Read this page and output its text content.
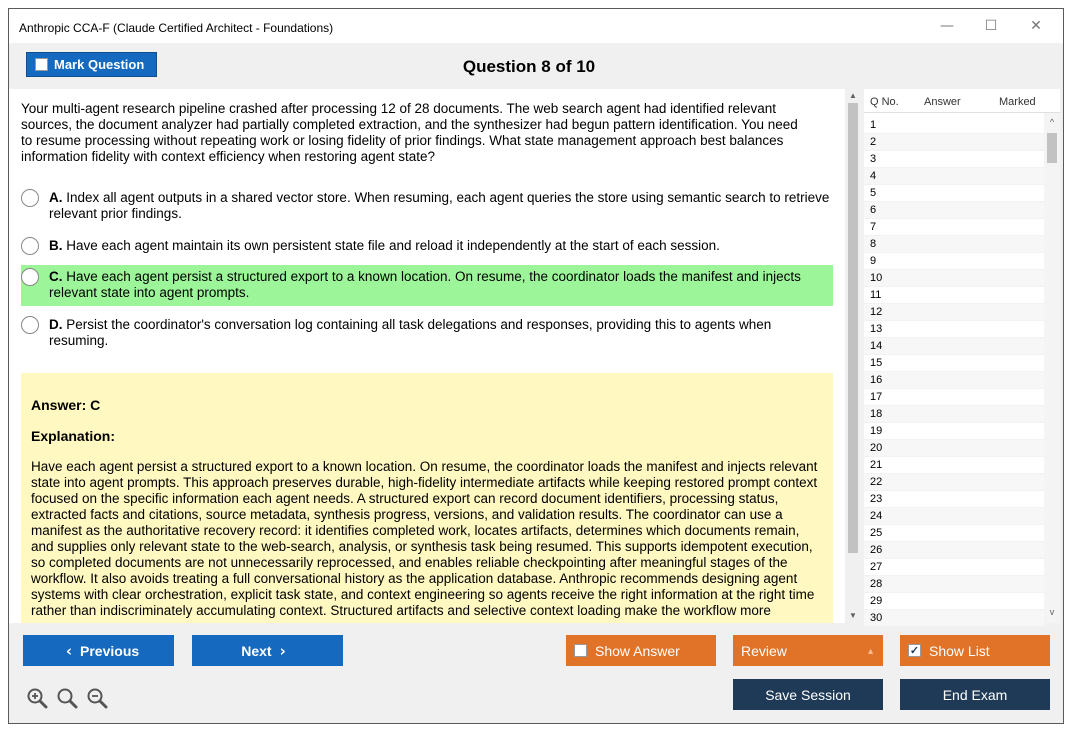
Anthropic CCA-F (Claude Certified Architect - Foundations)	—	☐	✕
Mark Question	Question 8 of 10
Your multi-agent research pipeline crashed after processing 12 of 28 documents. The web search agent had identified relevant sources, the document analyzer had partially completed extraction, and the synthesizer had begun pattern identification. You need to resume processing without repeating work or losing fidelity of prior findings. What state management approach best balances information fidelity with context efficiency when restoring agent state?
A. Index all agent outputs in a shared vector store. When resuming, each agent queries the store using semantic search to retrieve relevant prior findings.
B. Have each agent maintain its own persistent state file and reload it independently at the start of each session.
C. Have each agent persist a structured export to a known location. On resume, the coordinator loads the manifest and injects relevant state into agent prompts.
D. Persist the coordinator's conversation log containing all task delegations and responses, providing this to agents when resuming.
Answer: C
Explanation:
Have each agent persist a structured export to a known location. On resume, the coordinator loads the manifest and injects relevant state into agent prompts. This approach preserves durable, high-fidelity intermediate artifacts while keeping restored prompt context focused on the specific information each agent needs. A structured export can record document identifiers, processing status, extracted facts and citations, source metadata, synthesis progress, versions, and validation results. The coordinator can use a manifest as the authoritative recovery record: it identifies completed work, locates artifacts, determines which documents remain, and supplies only relevant state to the web-search, analysis, or synthesis task being resumed. This supports idempotent execution, so completed documents are not unnecessarily reprocessed, and enables reliable checkpointing after meaningful stages of the workflow. It also avoids treating a full conversational history as the application database. Anthropic recommends designing agent systems with clear orchestration, explicit task state, and context engineering so agents receive the right information at the right time rather than indiscriminately accumulating context. Structured artifacts and selective context loading make the workflow more
▲
▼
Q No. Answer	Marked
1
2
3
4
5
6
7
8
9
10
11
12
13
14
15
16
17
18
19
20
21
22
23
24
25
26
27
28
29
30
^
v
‹ Previous	Next ›	Show Answer	Review	▲	✓ Show List
Save Session	End Exam
